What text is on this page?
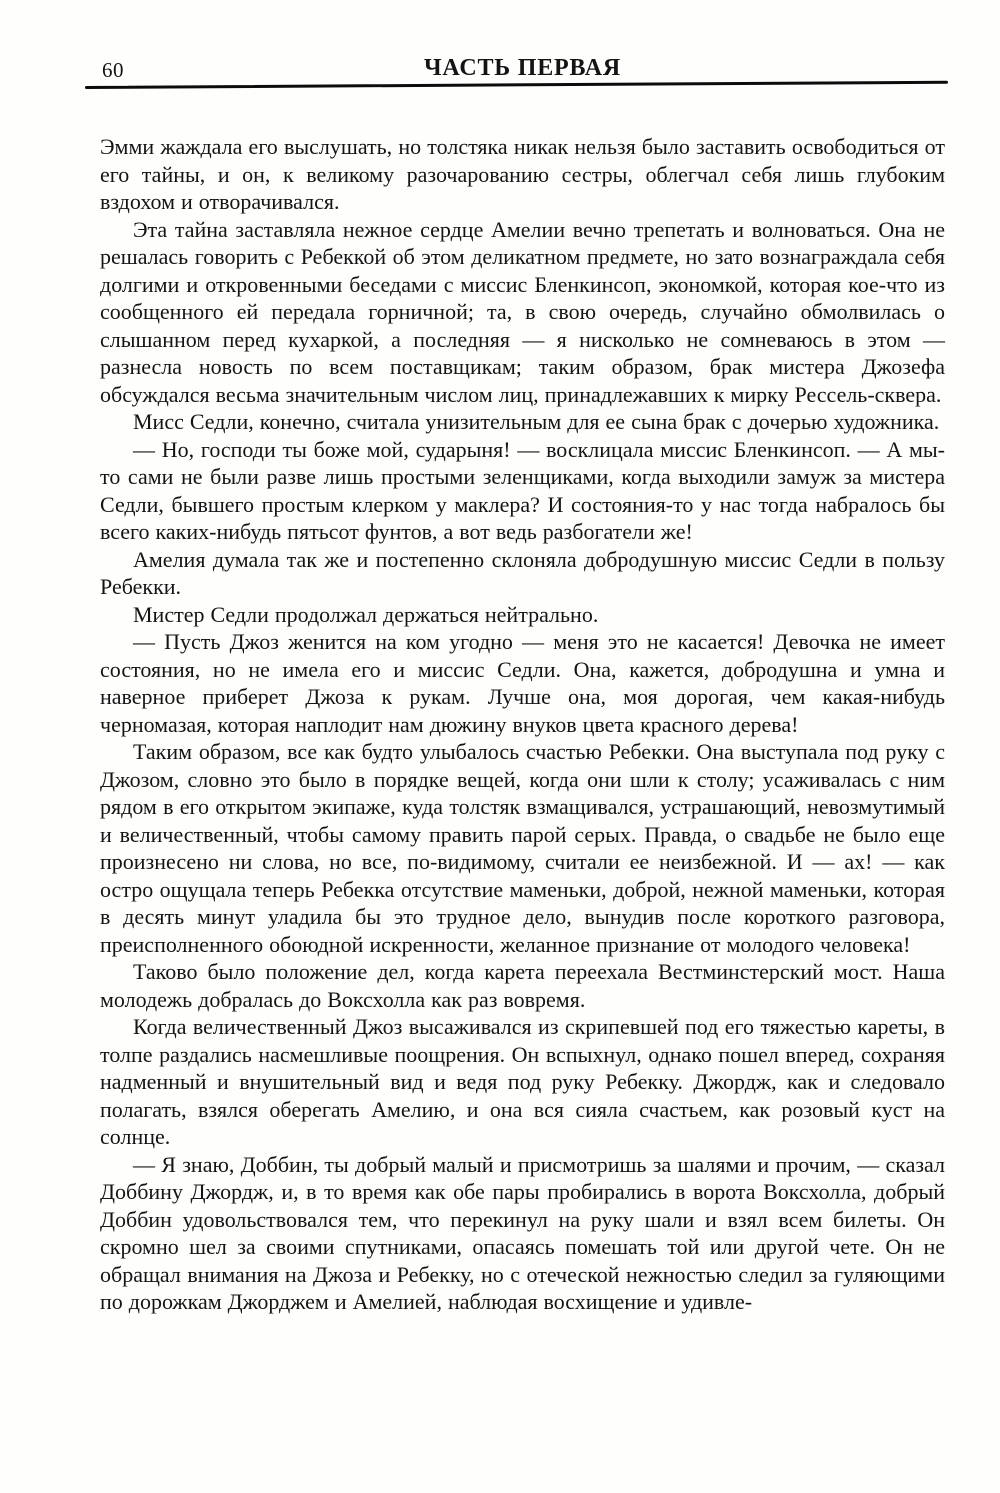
60	ЧАСТЬ ПЕРВАЯ

Эмми жаждала его выслушать, но толстяка никак нельзя было заставить освободиться от его тайны, и он, к великому разочарованию сестры, облегчал себя лишь глубоким вздохом и отворачивался.

Эта тайна заставляла нежное сердце Амелии вечно трепетать и волноваться. Она не решалась говорить с Ребеккой об этом деликатном предмете, но зато вознаграждала себя долгими и откровенными беседами с миссис Бленкинсоп, экономкой, которая кое-что из сообщенного ей передала горничной; та, в свою очередь, случайно обмолвилась о слышанном перед кухаркой, а последняя — я нисколько не сомневаюсь в этом — разнесла новость по всем поставщикам; таким образом, брак мистера Джозефа обсуждался весьма значительным числом лиц, принадлежавших к мирку Рессель-сквера.

Мисс Седли, конечно, считала унизительным для ее сына брак с дочерью художника.

— Но, господи ты боже мой, сударыня! — восклицала миссис Бленкинсоп. — А мы-то сами не были разве лишь простыми зеленщиками, когда выходили замуж за мистера Седли, бывшего простым клерком у маклера? И состояния-то у нас тогда набралось бы всего каких-нибудь пятьсот фунтов, а вот ведь разбогатели же!

Амелия думала так же и постепенно склоняла добродушную миссис Седли в пользу Ребекки.

Мистер Седли продолжал держаться нейтрально.

— Пусть Джоз женится на ком угодно — меня это не касается! Девочка не имеет состояния, но не имела его и миссис Седли. Она, кажется, добродушна и умна и наверное приберет Джоза к рукам. Лучше она, моя дорогая, чем какая-нибудь черномазая, которая наплодит нам дюжину внуков цвета красного дерева!

Таким образом, все как будто улыбалось счастью Ребекки. Она выступала под руку с Джозом, словно это было в порядке вещей, когда они шли к столу; усаживалась с ним рядом в его открытом экипаже, куда толстяк взмащивался, устрашающий, невозмутимый и величественный, чтобы самому править парой серых. Правда, о свадьбе не было еще произнесено ни слова, но все, по-видимому, считали ее неизбежной. И — ах! — как остро ощущала теперь Ребекка отсутствие маменьки, доброй, нежной маменьки, которая в десять минут уладила бы это трудное дело, вынудив после короткого разговора, преисполненного обоюдной искренности, желанное признание от молодого человека!

Таково было положение дел, когда карета переехала Вестминстерский мост. Наша молодежь добралась до Воксхолла как раз вовремя.

Когда величественный Джоз высаживался из скрипевшей под его тяжестью кареты, в толпе раздались насмешливые поощрения. Он вспыхнул, однако пошел вперед, сохраняя надменный и внушительный вид и ведя под руку Ребекку. Джордж, как и следовало полагать, взялся оберегать Амелию, и она вся сияла счастьем, как розовый куст на солнце.

— Я знаю, Доббин, ты добрый малый и присмотришь за шалями и прочим, — сказал Доббину Джордж, и, в то время как обе пары пробирались в ворота Воксхолла, добрый Доббин удовольствовался тем, что перекинул на руку шали и взял всем билеты. Он скромно шел за своими спутниками, опасаясь помешать той или другой чете. Он не обращал внимания на Джоза и Ребекку, но с отеческой нежностью следил за гуляющими по дорожкам Джорджем и Амелией, наблюдая восхищение и удивле-
